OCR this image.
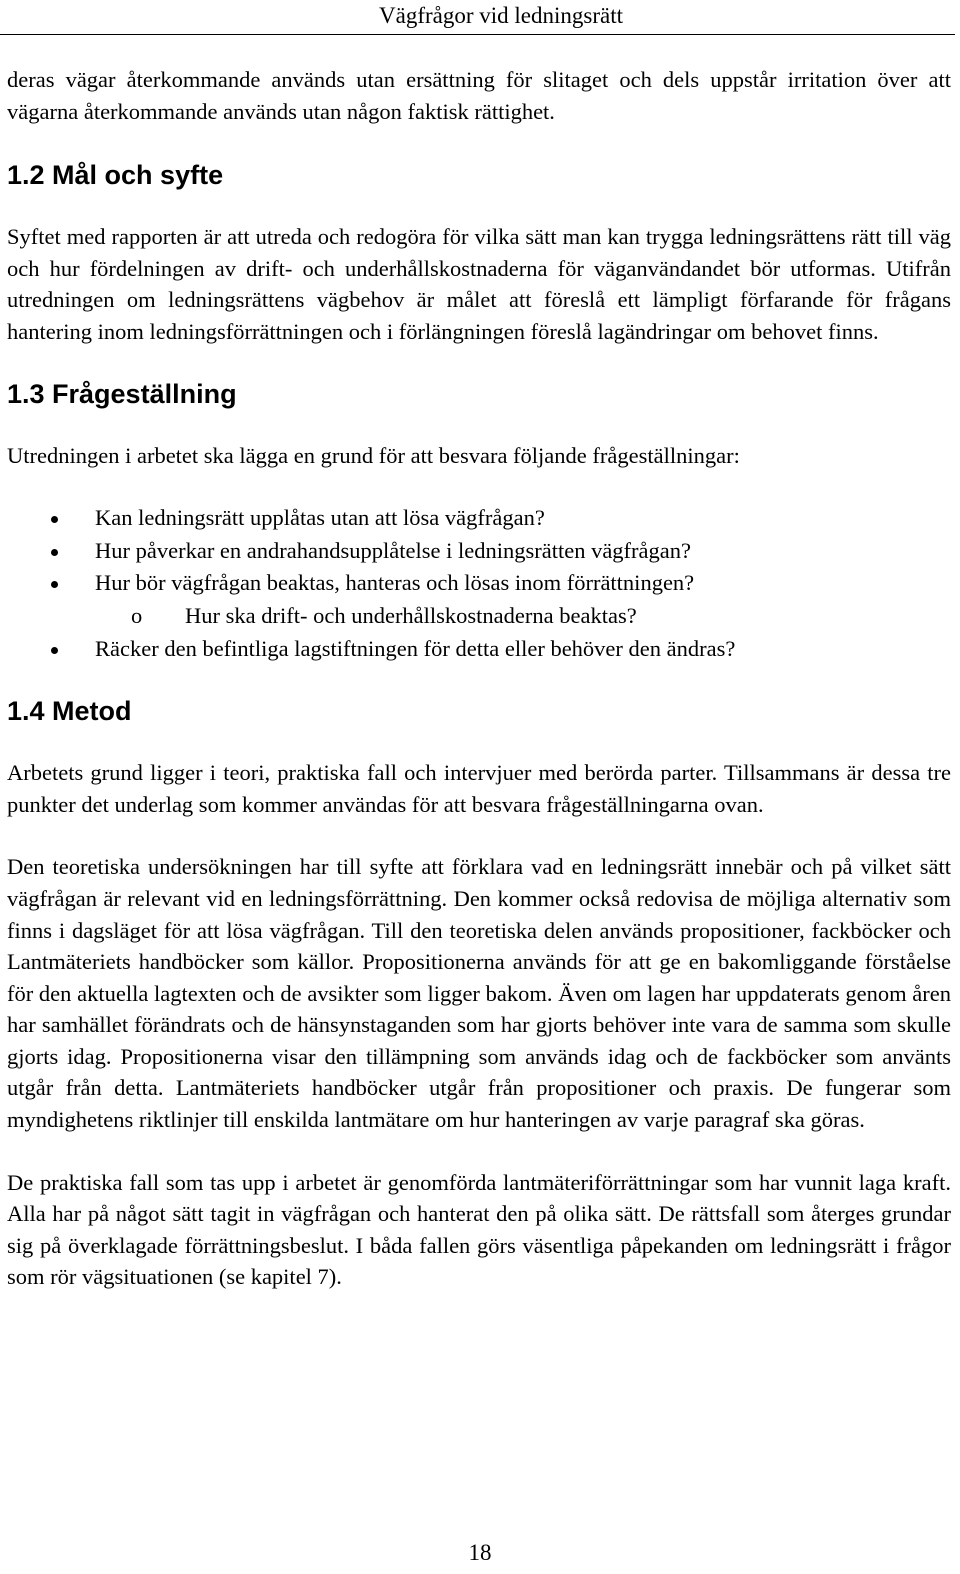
Vägfrågor vid ledningsrätt

deras vägar återkommande används utan ersättning för slitaget och dels uppstår irritation över att vägarna återkommande används utan någon faktisk rättighet.

1.2 Mål och syfte

Syftet med rapporten är att utreda och redogöra för vilka sätt man kan trygga ledningsrättens rätt till väg och hur fördelningen av drift- och underhållskostnaderna för väganvändandet bör utformas. Utifrån utredningen om ledningsrättens vägbehov är målet att föreslå ett lämpligt förfarande för frågans hantering inom ledningsförrättningen och i förlängningen föreslå lagändringar om behovet finns.

1.3 Frågeställning

Utredningen i arbetet ska lägga en grund för att besvara följande frågeställningar:

Kan ledningsrätt upplåtas utan att lösa vägfrågan?
Hur påverkar en andrahandsupplåtelse i ledningsrätten vägfrågan?
Hur bör vägfrågan beaktas, hanteras och lösas inom förrättningen?
o Hur ska drift- och underhållskostnaderna beaktas?
Räcker den befintliga lagstiftningen för detta eller behöver den ändras?
1.4 Metod

Arbetets grund ligger i teori, praktiska fall och intervjuer med berörda parter. Tillsammans är dessa tre punkter det underlag som kommer användas för att besvara frågeställningarna ovan.

Den teoretiska undersökningen har till syfte att förklara vad en ledningsrätt innebär och på vilket sätt vägfrågan är relevant vid en ledningsförrättning. Den kommer också redovisa de möjliga alternativ som finns i dagsläget för att lösa vägfrågan. Till den teoretiska delen används propositioner, fackböcker och Lantmäteriets handböcker som källor. Propositionerna används för att ge en bakomliggande förståelse för den aktuella lagtexten och de avsikter som ligger bakom. Även om lagen har uppdaterats genom åren har samhället förändrats och de hänsynstaganden som har gjorts behöver inte vara de samma som skulle gjorts idag. Propositionerna visar den tillämpning som används idag och de fackböcker som använts utgår från detta. Lantmäteriets handböcker utgår från propositioner och praxis. De fungerar som myndighetens riktlinjer till enskilda lantmätare om hur hanteringen av varje paragraf ska göras.

De praktiska fall som tas upp i arbetet är genomförda lantmäteriförrättningar som har vunnit laga kraft. Alla har på något sätt tagit in vägfrågan och hanterat den på olika sätt. De rättsfall som återges grundar sig på överklagade förrättningsbeslut. I båda fallen görs väsentliga påpekanden om ledningsrätt i frågor som rör vägsituationen (se kapitel 7).

18
